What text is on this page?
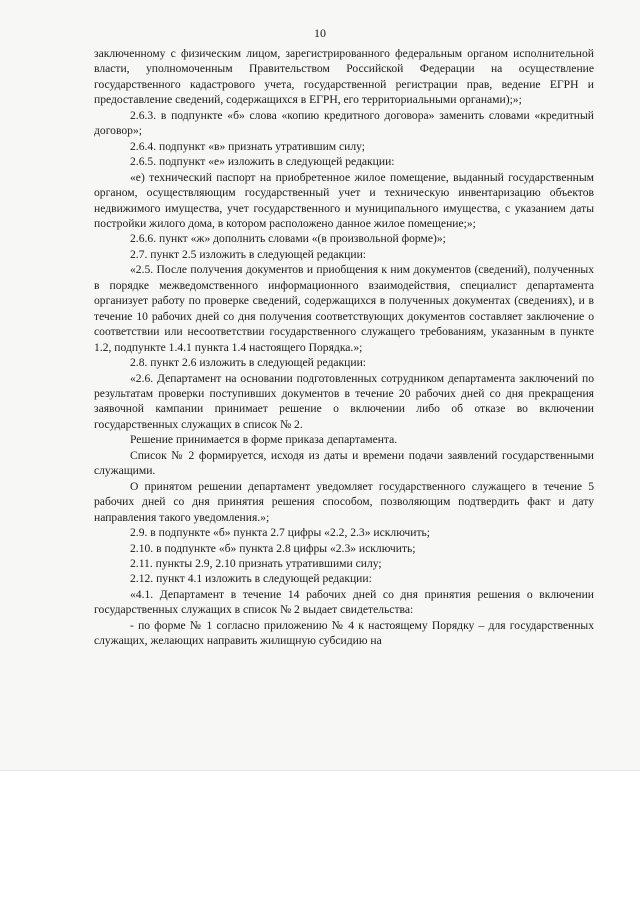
10

заключенному с физическим лицом, зарегистрированного федеральным органом исполнительной власти, уполномоченным Правительством Российской Федерации на осуществление государственного кадастрового учета, государственной регистрации прав, ведение ЕГРН и предоставление сведений, содержащихся в ЕГРН, его территориальными органами);»;

2.6.3. в подпункте «б» слова «копию кредитного договора» заменить словами «кредитный договор»;

2.6.4. подпункт «в» признать утратившим силу;

2.6.5. подпункт «е» изложить в следующей редакции:

«е) технический паспорт на приобретенное жилое помещение, выданный государственным органом, осуществляющим государственный учет и техническую инвентаризацию объектов недвижимого имущества, учет государственного и муниципального имущества, с указанием даты постройки жилого дома, в котором расположено данное жилое помещение;»;

2.6.6. пункт «ж» дополнить словами «(в произвольной форме)»;

2.7. пункт 2.5 изложить в следующей редакции:

«2.5. После получения документов и приобщения к ним документов (сведений), полученных в порядке межведомственного информационного взаимодействия, специалист департамента организует работу по проверке сведений, содержащихся в полученных документах (сведениях), и в течение 10 рабочих дней со дня получения соответствующих документов составляет заключение о соответствии или несоответствии государственного служащего требованиям, указанным в пункте 1.2, подпункте 1.4.1 пункта 1.4 настоящего Порядка.»;

2.8. пункт 2.6 изложить в следующей редакции:

«2.6. Департамент на основании подготовленных сотрудником департамента заключений по результатам проверки поступивших документов в течение 20 рабочих дней со дня прекращения заявочной кампании принимает решение о включении либо об отказе во включении государственных служащих в список № 2.

Решение принимается в форме приказа департамента.

Список № 2 формируется, исходя из даты и времени подачи заявлений государственными служащими.

О принятом решении департамент уведомляет государственного служащего в течение 5 рабочих дней со дня принятия решения способом, позволяющим подтвердить факт и дату направления такого уведомления.»;

2.9. в подпункте «б» пункта 2.7 цифры «2.2, 2.3» исключить;

2.10. в подпункте «б» пункта 2.8 цифры «2.3» исключить;

2.11. пункты 2.9, 2.10 признать утратившими силу;

2.12. пункт 4.1 изложить в следующей редакции:

«4.1. Департамент в течение 14 рабочих дней со дня принятия решения о включении государственных служащих в список № 2 выдает свидетельства:

- по форме № 1 согласно приложению № 4 к настоящему Порядку – для государственных служащих, желающих направить жилищную субсидию на
